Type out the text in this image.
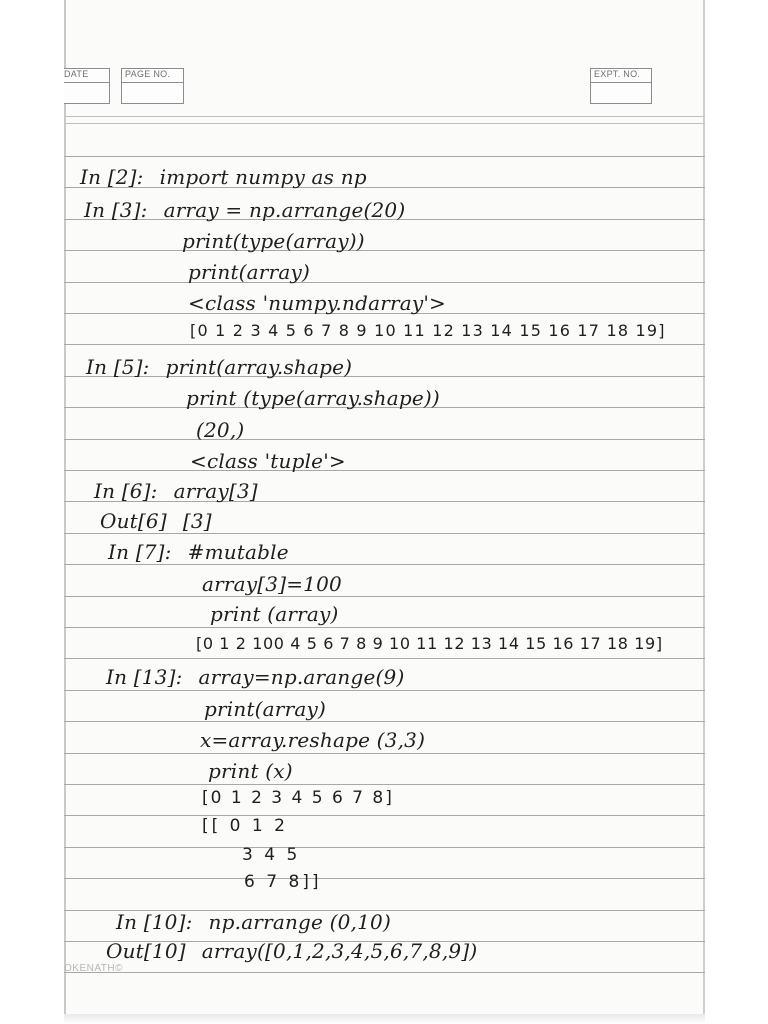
DATE	PAGE NO.	EXPT. NO.
In [2]: import numpy as np
In [3]: array = np.arrange(20)
print(type(array))
print(array)
<class 'numpy.ndarray'>
[0 1 2 3 4 5 6 7 8 9 10 11 12 13 14 15 16 17 18 19]
In [5]: print(array.shape)
print (type(array.shape))
(20,)
<class 'tuple'>
In [6]: array[3]
Out[6] [3]
In [7]: #mutable
array[3]=100
print (array)
[0 1 2 100 4 5 6 7 8 9 10 11 12 13 14 15 16 17 18 19]
In [13]: array=np.arange(9)
print(array)
x=array.reshape (3,3)
print (x)
[0 1 2 3 4 5 6 7 8]
[[ 0 1 2
3 4 5
6 7 8]]
In [10]: np.arrange (0,10)
Out[10] array([0,1,2,3,4,5,6,7,8,9])
OKENATH©
